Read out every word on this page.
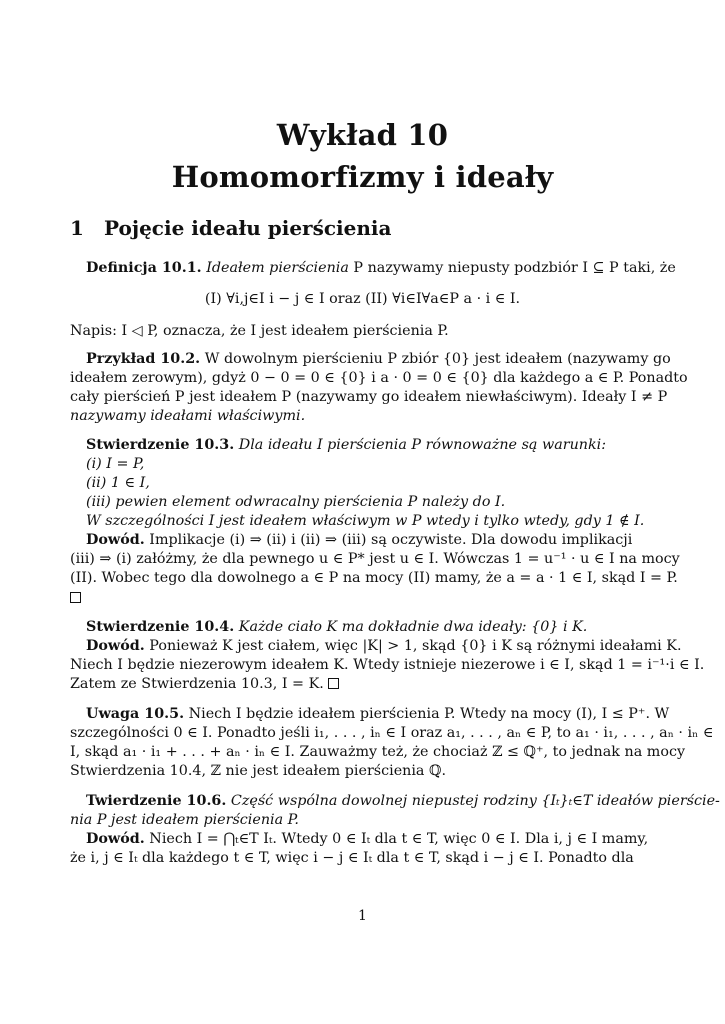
Wykład 10
Homomorfizmy i ideały
1 Pojęcie ideału pierścienia
Definicja 10.1. Ideałem pierścienia P nazywamy niepusty podzbiór I ⊆ P taki, że
(I) ∀i,j∈I i − j ∈ I oraz (II) ∀i∈I∀a∈P a · i ∈ I.
Napis: I ◁ P, oznacza, że I jest ideałem pierścienia P.
Przykład 10.2. W dowolnym pierścieniu P zbiór {0} jest ideałem (nazywamy go
ideałem zerowym), gdyż 0 − 0 = 0 ∈ {0} i a · 0 = 0 ∈ {0} dla każdego a ∈ P. Ponadto
cały pierścień P jest ideałem P (nazywamy go ideałem niewłaściwym). Ideały I ≠ P
nazywamy ideałami właściwymi.
Stwierdzenie 10.3. Dla ideału I pierścienia P równoważne są warunki:
(i) I = P,
(ii) 1 ∈ I,
(iii) pewien element odwracalny pierścienia P należy do I.
W szczególności I jest ideałem właściwym w P wtedy i tylko wtedy, gdy 1 ∉ I.
Dowód. Implikacje (i) ⇒ (ii) i (ii) ⇒ (iii) są oczywiste. Dla dowodu implikacji
(iii) ⇒ (i) załóżmy, że dla pewnego u ∈ P* jest u ∈ I. Wówczas 1 = u⁻¹ · u ∈ I na mocy
(II). Wobec tego dla dowolnego a ∈ P na mocy (II) mamy, że a = a · 1 ∈ I, skąd I = P.
Stwierdzenie 10.4. Każde ciało K ma dokładnie dwa ideały: {0} i K.
Dowód. Ponieważ K jest ciałem, więc |K| > 1, skąd {0} i K są różnymi ideałami K.
Niech I będzie niezerowym ideałem K. Wtedy istnieje niezerowe i ∈ I, skąd 1 = i⁻¹·i ∈ I.
Zatem ze Stwierdzenia 10.3, I = K.
Uwaga 10.5. Niech I będzie ideałem pierścienia P. Wtedy na mocy (I), I ≤ P⁺. W
szczególności 0 ∈ I. Ponadto jeśli i₁, . . . , iₙ ∈ I oraz a₁, . . . , aₙ ∈ P, to a₁ · i₁, . . . , aₙ · iₙ ∈
I, skąd a₁ · i₁ + . . . + aₙ · iₙ ∈ I. Zauważmy też, że chociaż ℤ ≤ ℚ⁺, to jednak na mocy
Stwierdzenia 10.4, ℤ nie jest ideałem pierścienia ℚ.
Twierdzenie 10.6. Część wspólna dowolnej niepustej rodziny {Iₜ}ₜ∈T ideałów pierście-
nia P jest ideałem pierścienia P.
Dowód. Niech I = ⋂ₜ∈T Iₜ. Wtedy 0 ∈ Iₜ dla t ∈ T, więc 0 ∈ I. Dla i, j ∈ I mamy,
że i, j ∈ Iₜ dla każdego t ∈ T, więc i − j ∈ Iₜ dla t ∈ T, skąd i − j ∈ I. Ponadto dla
1
